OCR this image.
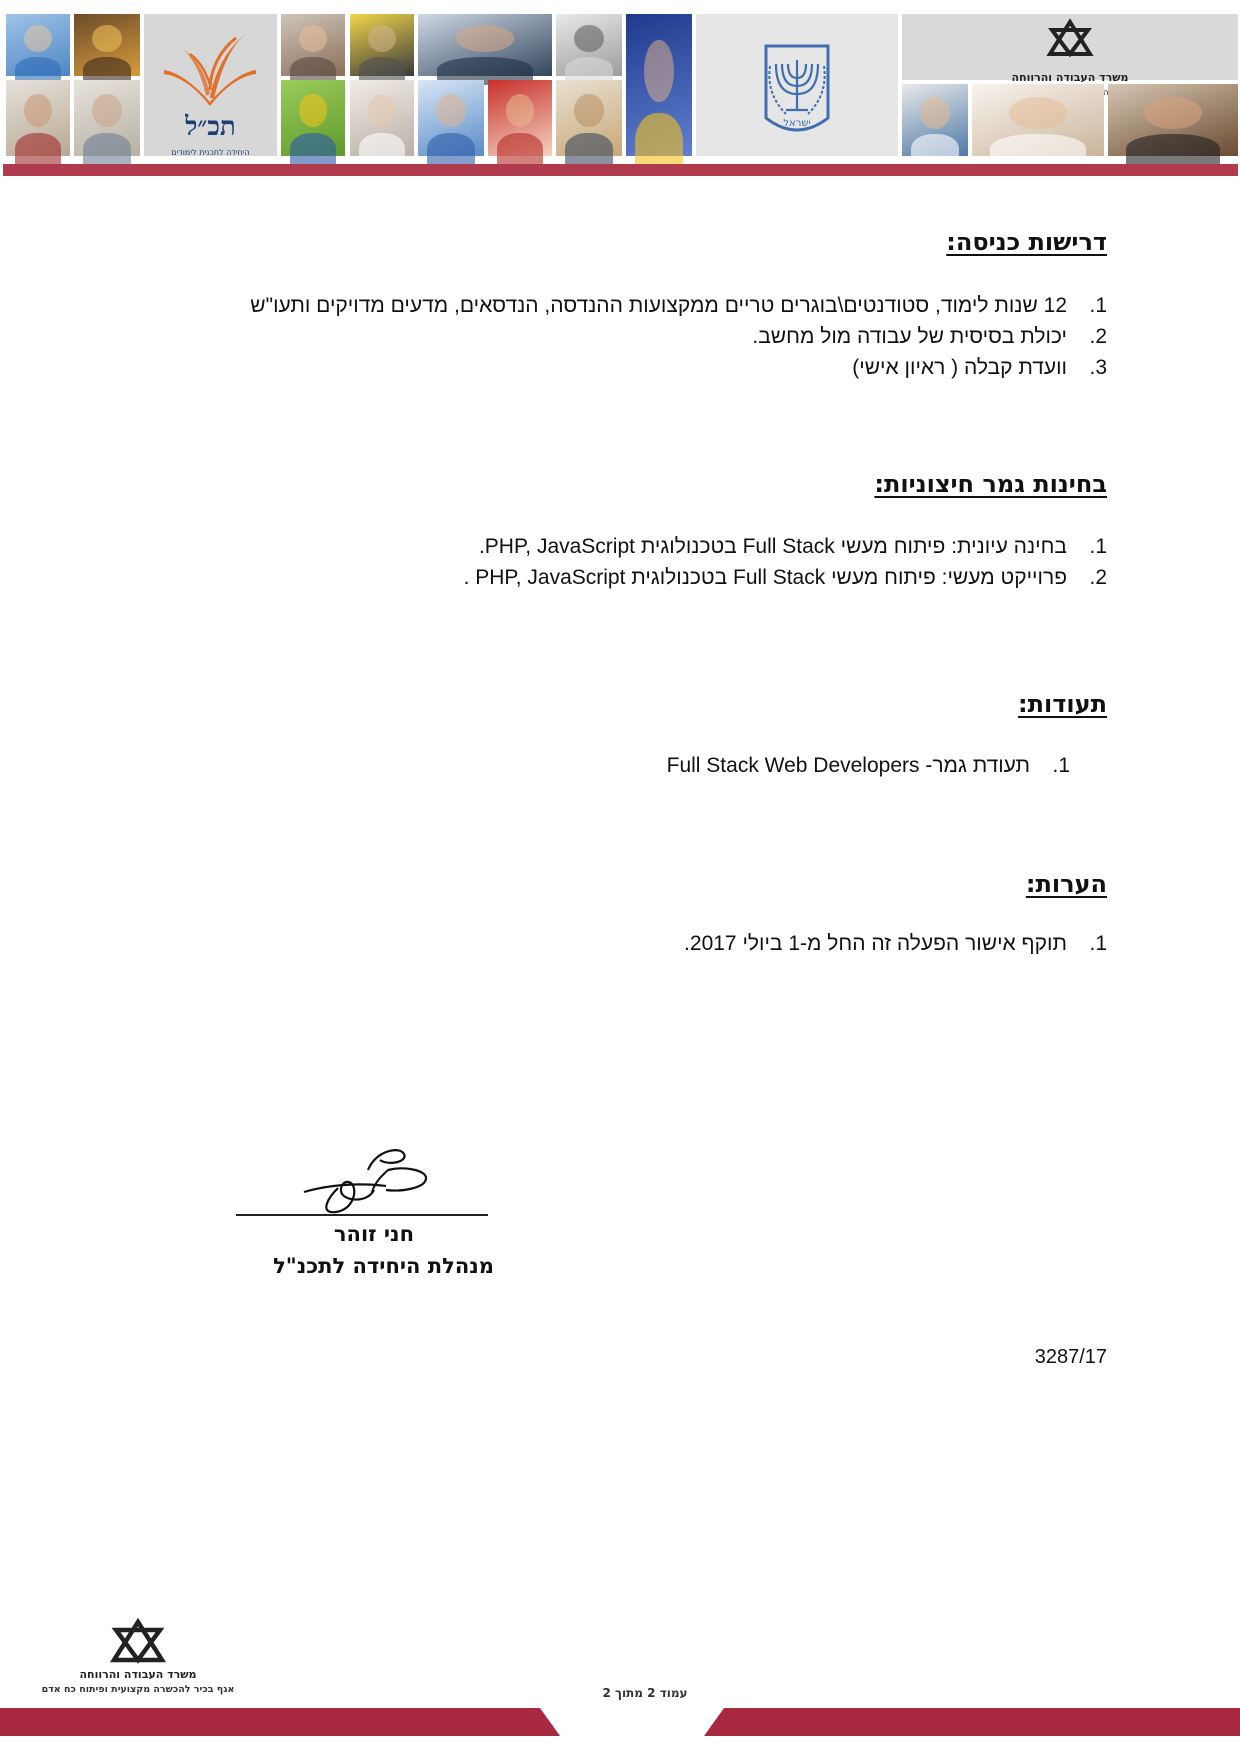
תכ״ל
היחידה לתכנית לימודים
ישראל
משרד העבודה והרווחה
דרישות כניסה:
1.12 שנות לימוד, סטודנטים\בוגרים טריים ממקצועות ההנדסה, הנדסאים, מדעים מדויקים ותעו"ש
2.יכולת בסיסית של עבודה מול מחשב.
3.וועדת קבלה ( ראיון אישי)
בחינות גמר חיצוניות:
1.בחינה עיונית: פיתוח מעשי Full Stack בטכנולוגית PHP, JavaScript.
2.פרוייקט מעשי: פיתוח מעשי Full Stack בטכנולוגית PHP, JavaScript .
תעודות:
1.תעודת גמר- Full Stack Web Developers
הערות:
1.תוקף אישור הפעלה זה החל מ-1 ביולי 2017.
חני זוהר
מנהלת היחידה לתכנ"ל
3287/17
משרד העבודה והרווחה
אגף בכיר להכשרה מקצועית ופיתוח כח אדם	עמוד 2 מתוך 2
